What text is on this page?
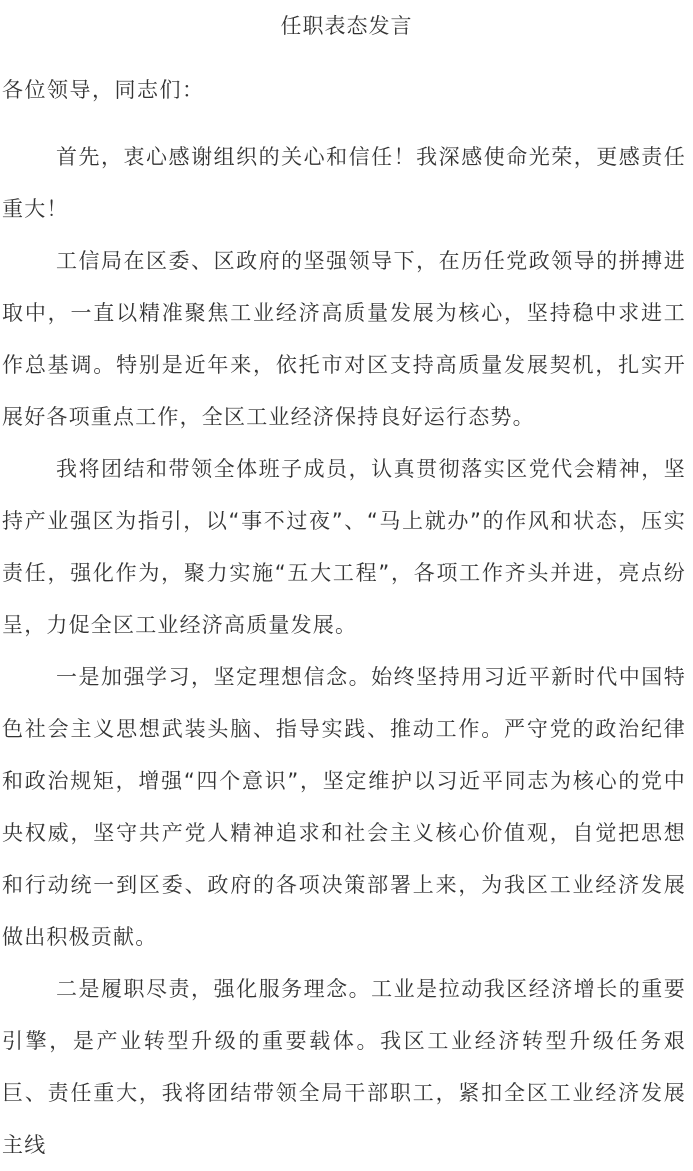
任职表态发言

各位领导，同志们：

首先，衷心感谢组织的关心和信任！我深感使命光荣，更感责任重大！

工信局在区委、区政府的坚强领导下，在历任党政领导的拼搏进取中，一直以精准聚焦工业经济高质量发展为核心，坚持稳中求进工作总基调。特别是近年来，依托市对区支持高质量发展契机，扎实开展好各项重点工作，全区工业经济保持良好运行态势。

我将团结和带领全体班子成员，认真贯彻落实区党代会精神，坚持产业强区为指引，以“事不过夜”、“马上就办”的作风和状态，压实责任，强化作为，聚力实施“五大工程”，各项工作齐头并进，亮点纷呈，力促全区工业经济高质量发展。

一是加强学习，坚定理想信念。始终坚持用习近平新时代中国特色社会主义思想武装头脑、指导实践、推动工作。严守党的政治纪律和政治规矩，增强“四个意识”，坚定维护以习近平同志为核心的党中央权威，坚守共产党人精神追求和社会主义核心价值观，自觉把思想和行动统一到区委、政府的各项决策部署上来，为我区工业经济发展做出积极贡献。

二是履职尽责，强化服务理念。工业是拉动我区经济增长的重要引擎，是产业转型升级的重要载体。我区工业经济转型升级任务艰巨、责任重大，我将团结带领全局干部职工，紧扣全区工业经济发展主线
